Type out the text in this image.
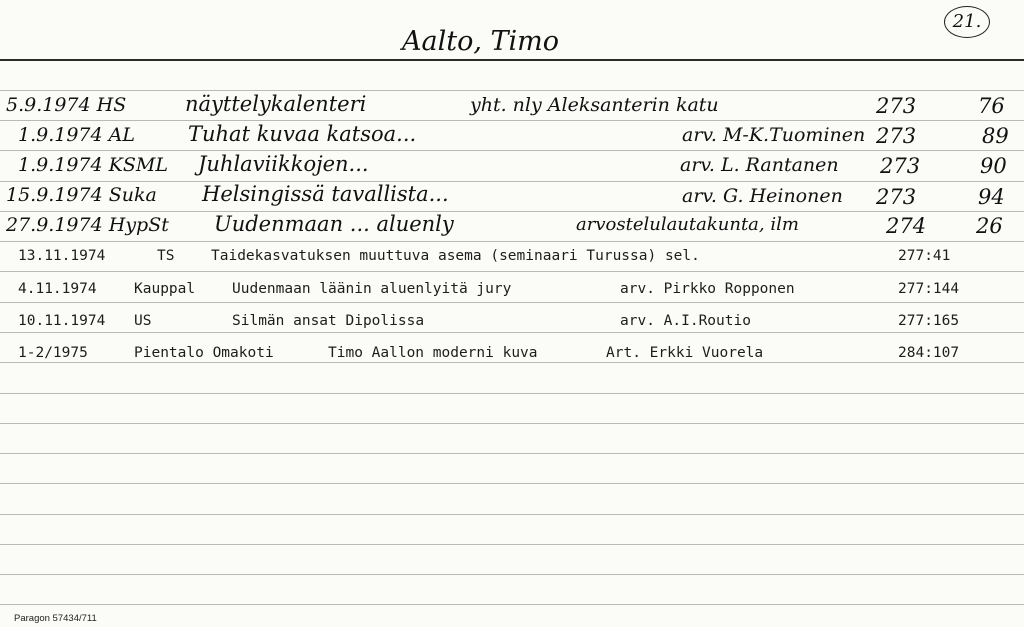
Aalto, Timo
21.
5.9.1974 HS	näyttelykalenteri	yht. nly Aleksanterin katu	273	76
1.9.1974 AL	Tuhat kuvaa katsoa...	arv. M-K.Tuominen 273	89
1.9.1974 KSML Juhlaviikkojen...	arv. L. Rantanen 273	90
15.9.1974 Suka Helsingissä tavallista...	arv. G. Heinonen 273	94
27.9.1974 HypSt Uudenmaan ... aluenly	arvostelulautakunta, ilm	274 26
13.11.1974	TS	Taidekasvatuksen muuttuva asema (seminaari Turussa) sel.	277:41
4.11.1974	Kauppal	Uudenmaan läänin aluenlyitä jury	arv. Pirkko Ropponen	277:144
10.11.1974 US	Silmän ansat Dipolissa	arv. A.I.Routio	277:165
1-2/1975	Pientalo Omakoti	Timo Aallon moderni kuva	Art. Erkki Vuorela	284:107
Paragon 57434/711
